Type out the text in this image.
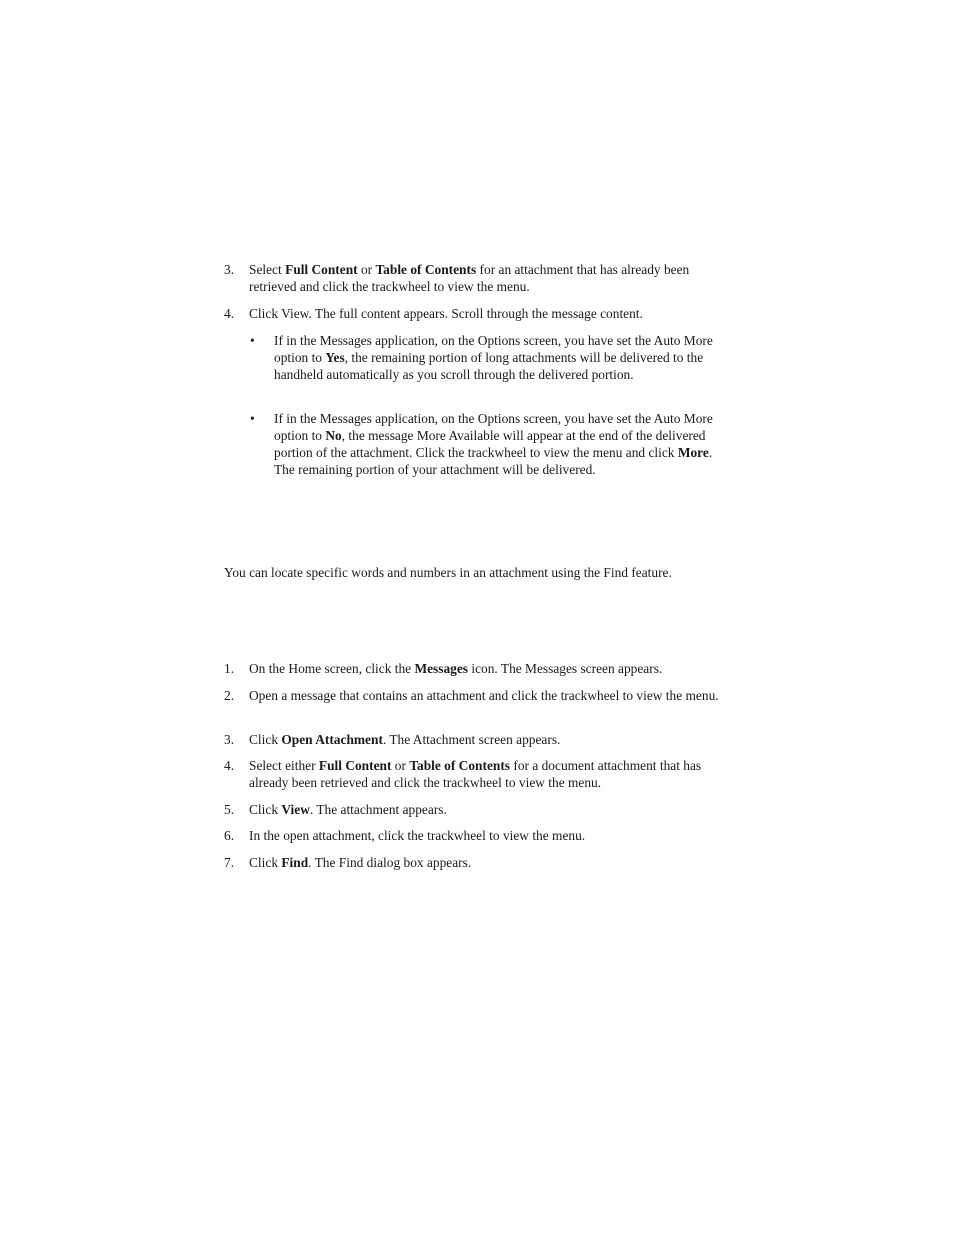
3.	Select Full Content or Table of Contents for an attachment that has already been retrieved and click the trackwheel to view the menu.
4.	Click View. The full content appears. Scroll through the message content.
•	If in the Messages application, on the Options screen, you have set the Auto More option to Yes, the remaining portion of long attachments will be delivered to the handheld automatically as you scroll through the delivered portion.
•	If in the Messages application, on the Options screen, you have set the Auto More option to No, the message More Available will appear at the end of the delivered portion of the attachment. Click the trackwheel to view the menu and click More. The remaining portion of your attachment will be delivered.
You can locate specific words and numbers in an attachment using the Find feature.
1.	On the Home screen, click the Messages icon. The Messages screen appears.
2.	Open a message that contains an attachment and click the trackwheel to view the menu.
3.	Click Open Attachment. The Attachment screen appears.
4.	Select either Full Content or Table of Contents for a document attachment that has already been retrieved and click the trackwheel to view the menu.
5.	Click View. The attachment appears.
6.	In the open attachment, click the trackwheel to view the menu.
7.	Click Find. The Find dialog box appears.
